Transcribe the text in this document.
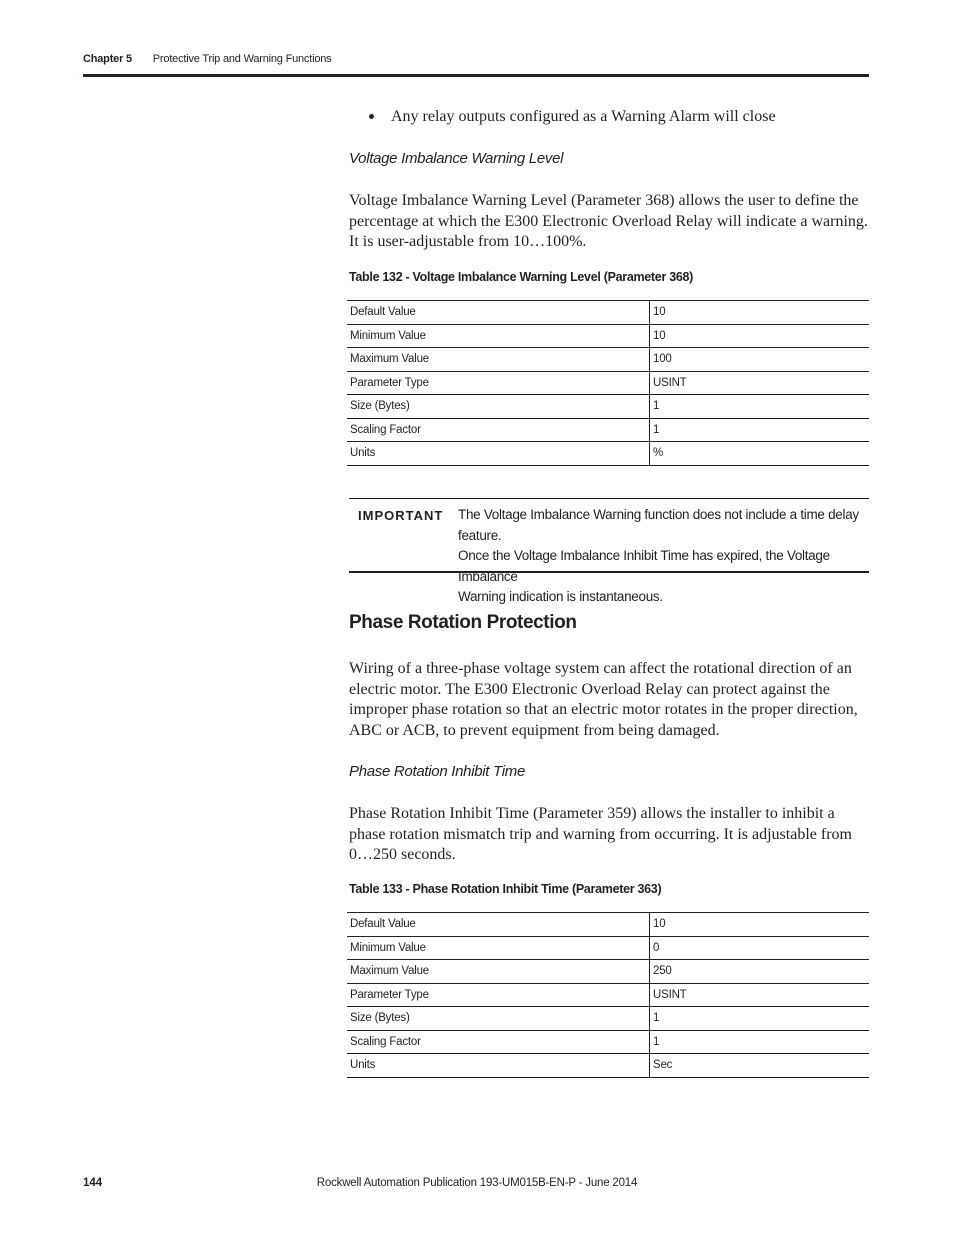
Chapter 5 Protective Trip and Warning Functions
Any relay outputs configured as a Warning Alarm will close
Voltage Imbalance Warning Level
Voltage Imbalance Warning Level (Parameter 368) allows the user to define the
percentage at which the E300 Electronic Overload Relay will indicate a warning.
It is user-adjustable from 10…100%.
Table 132 - Voltage Imbalance Warning Level (Parameter 368)
Default Value	10
Minimum Value	10
Maximum Value	100
Parameter Type	USINT
Size (Bytes)	1
Scaling Factor	1
Units	%
IMPORTANT The Voltage Imbalance Warning function does not include a time delay feature.
Once the Voltage Imbalance Inhibit Time has expired, the Voltage Imbalance
Warning indication is instantaneous.
Phase Rotation Protection
Wiring of a three-phase voltage system can affect the rotational direction of an
electric motor. The E300 Electronic Overload Relay can protect against the
improper phase rotation so that an electric motor rotates in the proper direction,
ABC or ACB, to prevent equipment from being damaged.
Phase Rotation Inhibit Time
Phase Rotation Inhibit Time (Parameter 359) allows the installer to inhibit a
phase rotation mismatch trip and warning from occurring. It is adjustable from
0…250 seconds.
Table 133 - Phase Rotation Inhibit Time (Parameter 363)
Default Value	10
Minimum Value	0
Maximum Value	250
Parameter Type	USINT
Size (Bytes)	1
Scaling Factor	1
Units	Sec
Rockwell Automation Publication 193-UM015B-EN-P - June 2014
144
